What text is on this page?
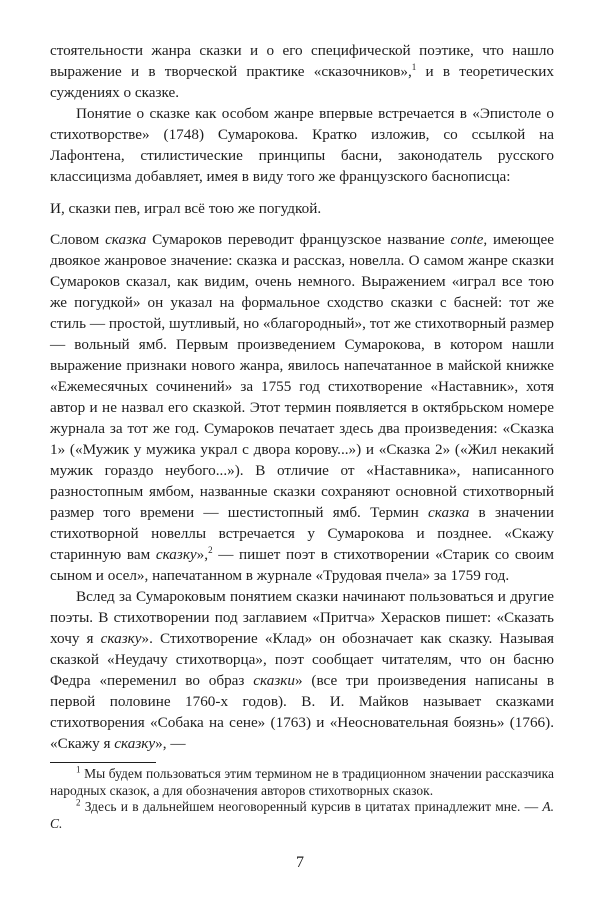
стоятельности жанра сказки и о его специфической поэтике, что нашло выражение и в творческой практике «сказочников»,$^1$ и в теоретических суждениях о сказке.

Понятие о сказке как особом жанре впервые встречается в «Эпистоле о стихотворстве» (1748) Сумарокова. Кратко изложив, со ссылкой на Лафонтена, стилистические принципы басни, законодатель русского классицизма добавляет, имея в виду того же французского баснописца:

И, сказки пев, играл всё тою же погудкой.

Словом сказка Сумароков переводит французское название conte, имеющее двоякое жанровое значение: сказка и рассказ, новелла. О самом жанре сказки Сумароков сказал, как видим, очень немного. Выражением «играл все тою же погудкой» он указал на формальное сходство сказки с басней: тот же стиль — простой, шутливый, но «благородный», тот же стихотворный размер — вольный ямб. Первым произведением Сумарокова, в котором нашли выражение признаки нового жанра, явилось напечатанное в майской книжке «Ежемесячных сочинений» за 1755 год стихотворение «Наставник», хотя автор и не назвал его сказкой. Этот термин появляется в октябрьском номере журнала за тот же год. Сумароков печатает здесь два произведения: «Сказка 1» («Мужик у мужика украл с двора корову...») и «Сказка 2» («Жил некакий мужик гораздо неубого...»). В отличие от «Наставника», написанного разностопным ямбом, названные сказки сохраняют основной стихотворный размер того времени — шестистопный ямб. Термин сказка в значении стихотворной новеллы встречается у Сумарокова и позднее. «Скажу старинную вам сказку»,$^2$ — пишет поэт в стихотворении «Старик со своим сыном и осел», напечатанном в журнале «Трудовая пчела» за 1759 год.

Вслед за Сумароковым понятием сказки начинают пользоваться и другие поэты. В стихотворении под заглавием «Притча» Херасков пишет: «Сказать хочу я сказку». Стихотворение «Клад» он обозначает как сказку. Называя сказкой «Неудачу стихотворца», поэт сообщает читателям, что он басню Федра «переменил во образ сказки» (все три произведения написаны в первой половине 1760-х годов). В. И. Майков называет сказками стихотворения «Собака на сене» (1763) и «Неосновательная боязнь» (1766). «Скажу я сказку», —

$^1$ Мы будем пользоваться этим термином не в традиционном значении рассказчика народных сказок, а для обозначения авторов стихотворных сказок.

$^2$ Здесь и в дальнейшем неоговоренный курсив в цитатах принадлежит мне. — А. С.

7
